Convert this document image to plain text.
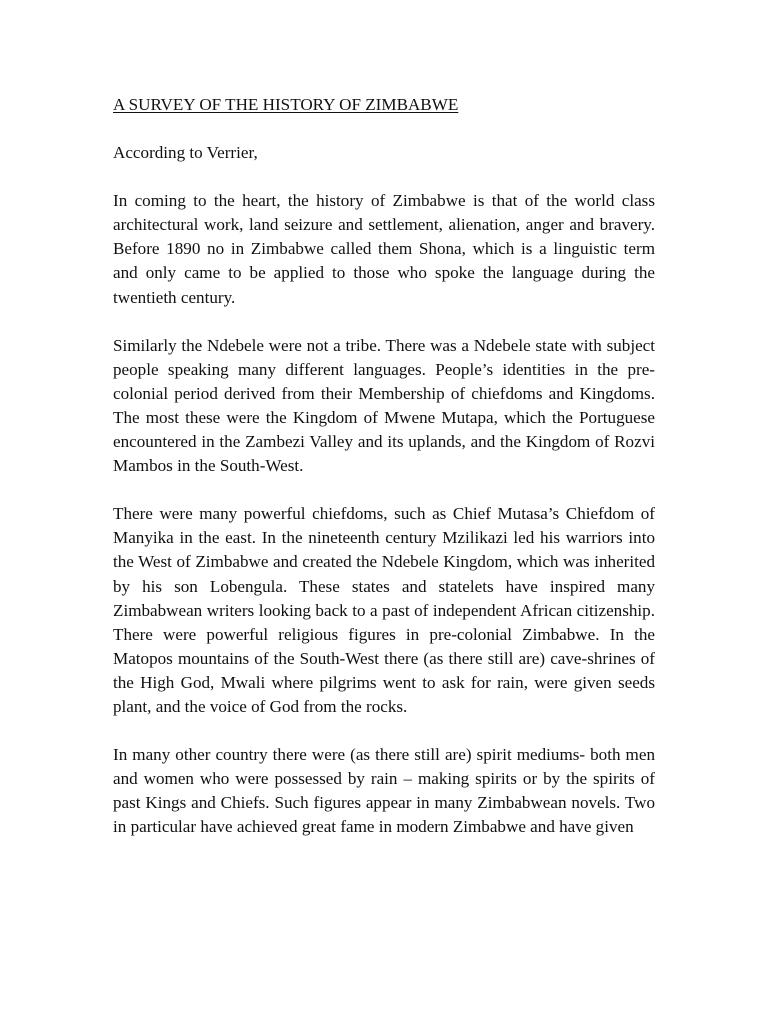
A SURVEY OF THE HISTORY OF ZIMBABWE

According to Verrier,

In coming to the heart, the history of Zimbabwe is that of the world class architectural work, land seizure and settlement, alienation, anger and bravery. Before 1890 no in Zimbabwe called them Shona, which is a linguistic term and only came to be applied to those who spoke the language during the twentieth century.

Similarly the Ndebele were not a tribe. There was a Ndebele state with subject people speaking many different languages. People’s identities in the pre-colonial period derived from their Membership of chiefdoms and Kingdoms. The most these were the Kingdom of Mwene Mutapa, which the Portuguese encountered in the Zambezi Valley and its uplands, and the Kingdom of Rozvi Mambos in the South-West.

There were many powerful chiefdoms, such as Chief Mutasa’s Chiefdom of Manyika in the east. In the nineteenth century Mzilikazi led his warriors into the West of Zimbabwe and created the Ndebele Kingdom, which was inherited by his son Lobengula. These states and statelets have inspired many Zimbabwean writers looking back to a past of independent African citizenship. There were powerful religious figures in pre-colonial Zimbabwe. In the Matopos mountains of the South-West there (as there still are) cave-shrines of the High God, Mwali where pilgrims went to ask for rain, were given seeds plant, and the voice of God from the rocks.

In many other country there were (as there still are) spirit mediums- both men and women who were possessed by rain – making spirits or by the spirits of past Kings and Chiefs. Such figures appear in many Zimbabwean novels. Two in particular have achieved great fame in modern Zimbabwe and have given
